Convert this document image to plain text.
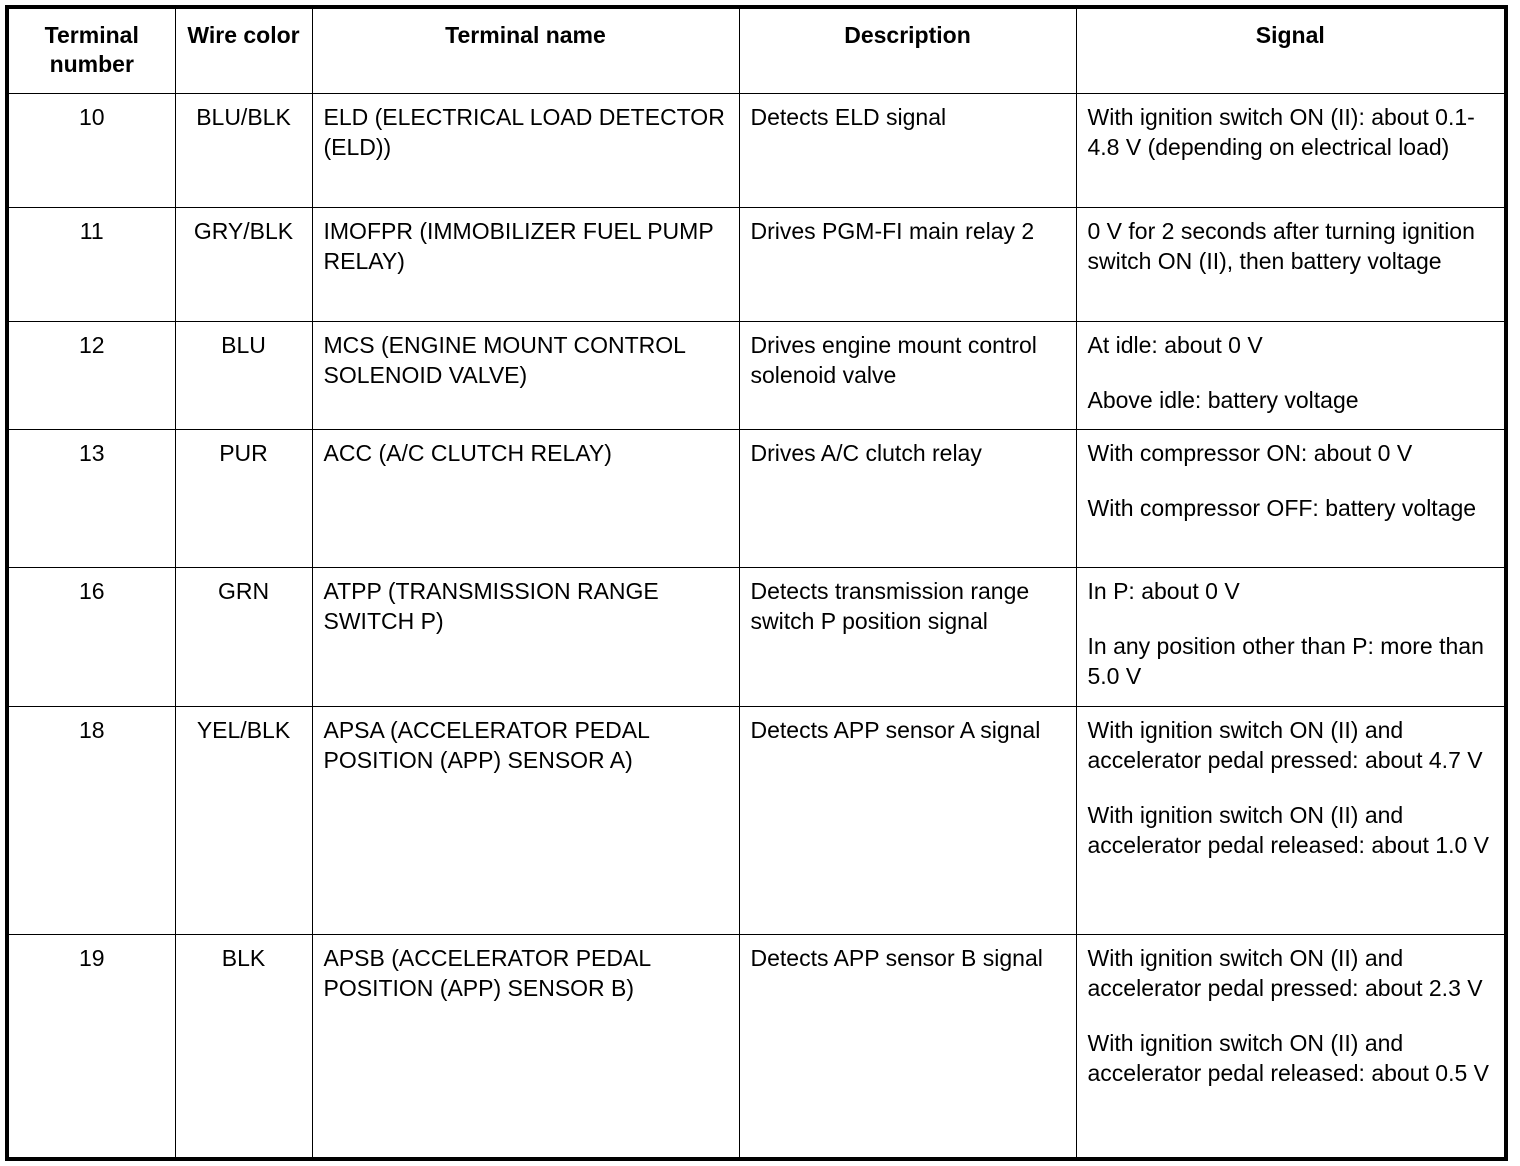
Terminal number	Wire color	Terminal name	Description	Signal
10	BLU/BLK	ELD (ELECTRICAL LOAD DETECTOR (ELD))	Detects ELD signal	With ignition switch ON (II): about 0.1-4.8 V (depending on electrical load)

11	GRY/BLK	IMOFPR (IMMOBILIZER FUEL PUMP RELAY)	Drives PGM-FI main relay 2	0 V for 2 seconds after turning ignition switch ON (II), then battery voltage

12	BLU	MCS (ENGINE MOUNT CONTROL SOLENOID VALVE)	Drives engine mount control solenoid valve	At idle: about 0 V
Above idle: battery voltage

13	PUR	ACC (A/C CLUTCH RELAY)	Drives A/C clutch relay	With compressor ON: about 0 V
With compressor OFF: battery voltage

16	GRN	ATPP (TRANSMISSION RANGE SWITCH P)	Detects transmission range switch P position signal	In P: about 0 V
In any position other than P: more than 5.0 V

18	YEL/BLK	APSA (ACCELERATOR PEDAL POSITION (APP) SENSOR A)	Detects APP sensor A signal	With ignition switch ON (II) and accelerator pedal pressed: about 4.7 V
With ignition switch ON (II) and accelerator pedal released: about 1.0 V

19	BLK	APSB (ACCELERATOR PEDAL POSITION (APP) SENSOR B)	Detects APP sensor B signal	With ignition switch ON (II) and accelerator pedal pressed: about 2.3 V
With ignition switch ON (II) and accelerator pedal released: about 0.5 V
